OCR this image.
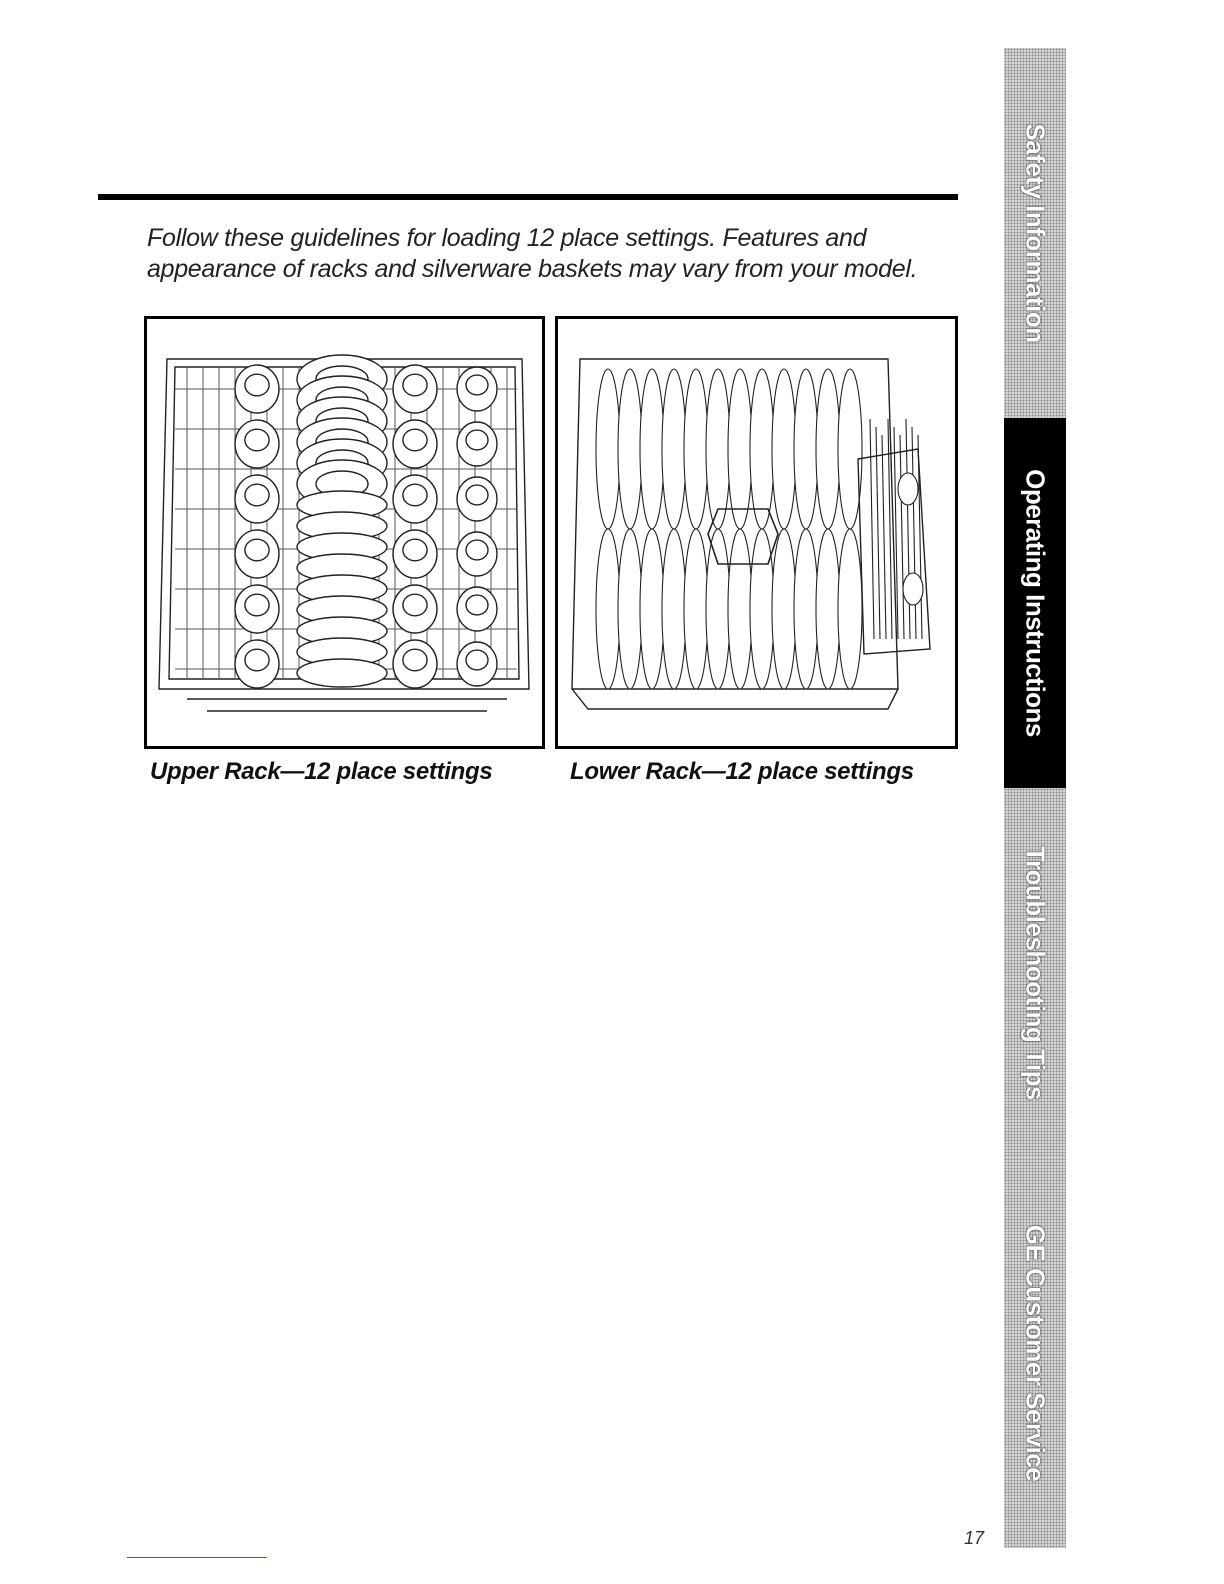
Follow these guidelines for loading 12 place settings. Features and

appearance of racks and silverware baskets may vary from your model.

Upper Rack—12 place settings	Lower Rack—12 place settings
Safety Information
Operating Instructions
Troubleshooting Tips
GE Customer Service
17
